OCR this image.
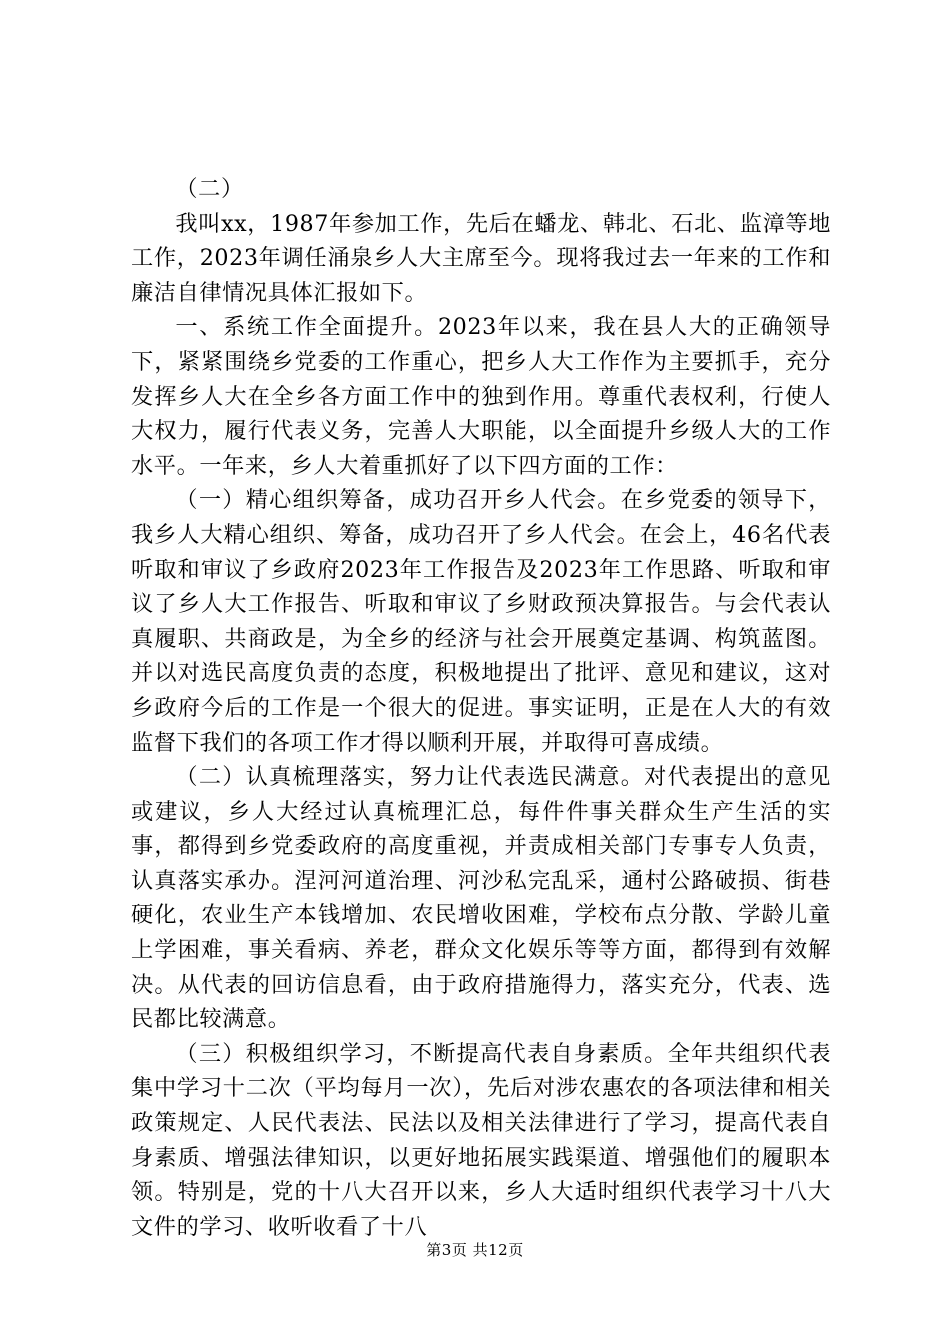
（二）

我叫xx，1987年参加工作，先后在蟠龙、韩北、石北、监漳等地工作，2023年调任涌泉乡人大主席至今。现将我过去一年来的工作和廉洁自律情况具体汇报如下。

一、系统工作全面提升。2023年以来，我在县人大的正确领导下，紧紧围绕乡党委的工作重心，把乡人大工作作为主要抓手，充分发挥乡人大在全乡各方面工作中的独到作用。尊重代表权利，行使人大权力，履行代表义务，完善人大职能，以全面提升乡级人大的工作水平。一年来，乡人大着重抓好了以下四方面的工作：

（一）精心组织筹备，成功召开乡人代会。在乡党委的领导下，我乡人大精心组织、筹备，成功召开了乡人代会。在会上，46名代表听取和审议了乡政府2023年工作报告及2023年工作思路、听取和审议了乡人大工作报告、听取和审议了乡财政预决算报告。与会代表认真履职、共商政是，为全乡的经济与社会开展奠定基调、构筑蓝图。并以对选民高度负责的态度，积极地提出了批评、意见和建议，这对乡政府今后的工作是一个很大的促进。事实证明，正是在人大的有效监督下我们的各项工作才得以顺利开展，并取得可喜成绩。

（二）认真梳理落实，努力让代表选民满意。对代表提出的意见或建议，乡人大经过认真梳理汇总，每件件事关群众生产生活的实事，都得到乡党委政府的高度重视，并责成相关部门专事专人负责，认真落实承办。涅河河道治理、河沙私完乱采，通村公路破损、街巷硬化，农业生产本钱增加、农民增收困难，学校布点分散、学龄儿童上学困难，事关看病、养老，群众文化娱乐等等方面，都得到有效解决。从代表的回访信息看，由于政府措施得力，落实充分，代表、选民都比较满意。

（三）积极组织学习，不断提高代表自身素质。全年共组织代表集中学习十二次（平均每月一次），先后对涉农惠农的各项法律和相关政策规定、人民代表法、民法以及相关法律进行了学习，提高代表自身素质、增强法律知识，以更好地拓展实践渠道、增强他们的履职本领。特别是，党的十八大召开以来，乡人大适时组织代表学习十八大文件的学习、收听收看了十八

第3页 共12页
